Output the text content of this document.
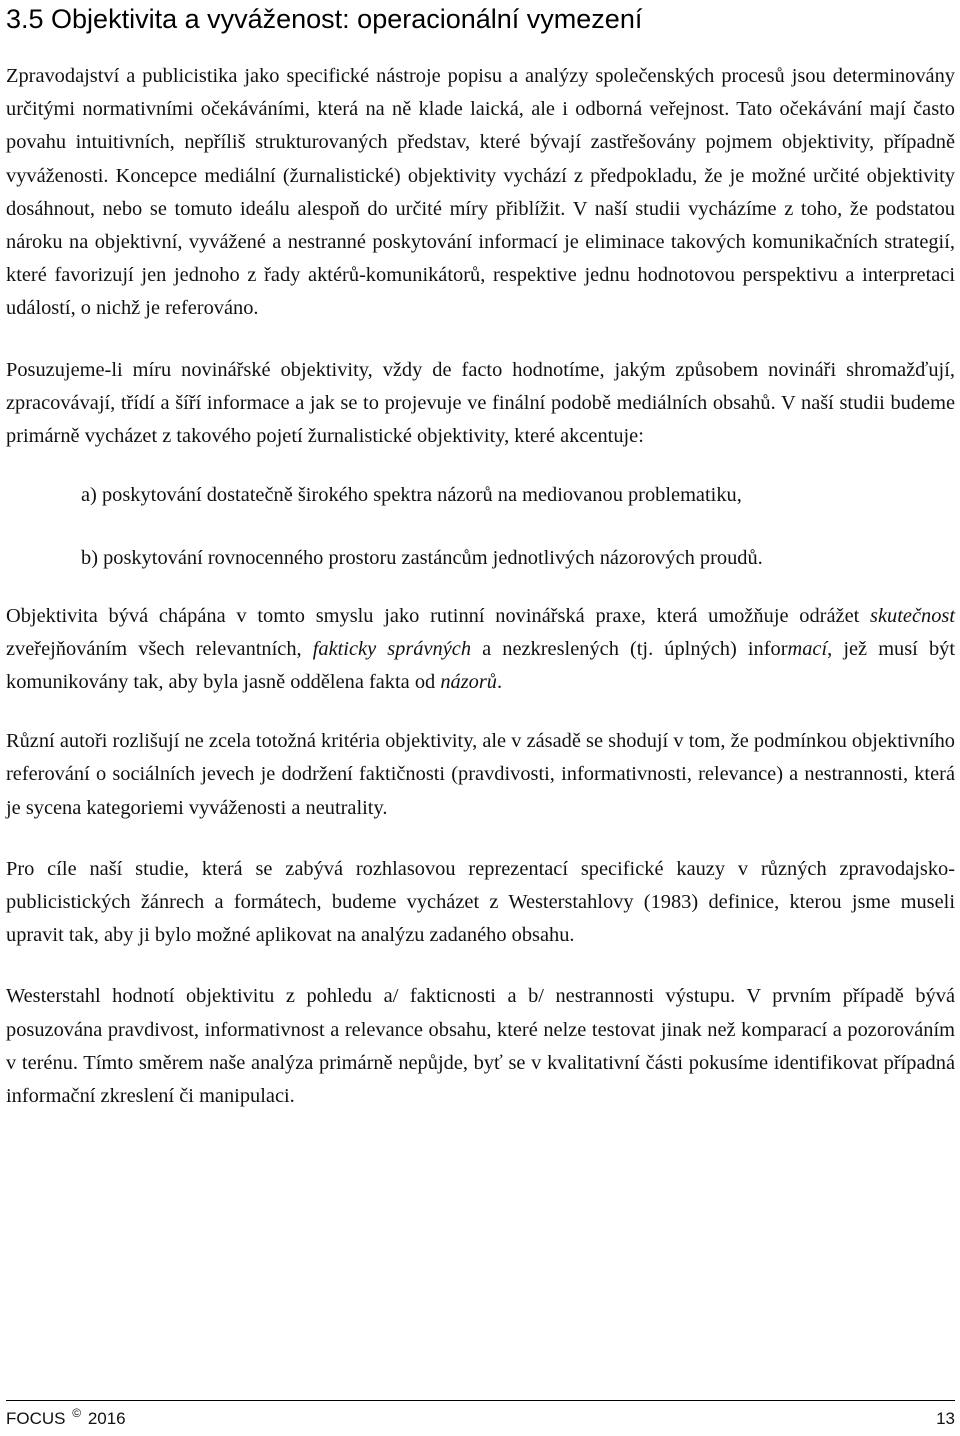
3.5 Objektivita a vyváženost: operacionální vymezení

Zpravodajství a publicistika jako specifické nástroje popisu a analýzy společenských procesů jsou determinovány určitými normativními očekáváními, která na ně klade laická, ale i odborná veřejnost. Tato očekávání mají často povahu intuitivních, nepříliš strukturovaných představ, které bývají zastřešovány pojmem objektivity, případně vyváženosti. Koncepce mediální (žurnalistické) objektivity vychází z předpokladu, že je možné určité objektivity dosáhnout, nebo se tomuto ideálu alespoň do určité míry přiblížit. V naší studii vycházíme z toho, že podstatou nároku na objektivní, vyvážené a nestranné poskytování informací je eliminace takových komunikačních strategií, které favorizují jen jednoho z řady aktérů-komunikátorů, respektive jednu hodnotovou perspektivu a interpretaci událostí, o nichž je referováno.

Posuzujeme-li míru novinářské objektivity, vždy de facto hodnotíme, jakým způsobem novináři shromažďují, zpracovávají, třídí a šíří informace a jak se to projevuje ve finální podobě mediálních obsahů. V naší studii budeme primárně vycházet z takového pojetí žurnalistické objektivity, které akcentuje:

a) poskytování dostatečně širokého spektra názorů na mediovanou problematiku,

b) poskytování rovnocenného prostoru zastáncům jednotlivých názorových proudů.

Objektivita bývá chápána v tomto smyslu jako rutinní novinářská praxe, která umožňuje odrážet skutečnost zveřejňováním všech relevantních, fakticky správných a nezkreslených (tj. úplných) informací, jež musí být komunikovány tak, aby byla jasně oddělena fakta od názorů.

Různí autoři rozlišují ne zcela totožná kritéria objektivity, ale v zásadě se shodují v tom, že podmínkou objektivního referování o sociálních jevech je dodržení faktičnosti (pravdivosti, informativnosti, relevance) a nestrannosti, která je sycena kategoriemi vyváženosti a neutrality.

Pro cíle naší studie, která se zabývá rozhlasovou reprezentací specifické kauzy v různých zpravodajsko-publicistických žánrech a formátech, budeme vycházet z Westerstahlovy (1983) definice, kterou jsme museli upravit tak, aby ji bylo možné aplikovat na analýzu zadaného obsahu.

Westerstahl hodnotí objektivitu z pohledu a/ fakticnosti a b/ nestrannosti výstupu. V prvním případě bývá posuzována pravdivost, informativnost a relevance obsahu, které nelze testovat jinak než komparací a pozorováním v terénu. Tímto směrem naše analýza primárně nepůjde, byť se v kvalitativní části pokusíme identifikovat případná informační zkreslení či manipulaci.

FOCUS © 2016	13
